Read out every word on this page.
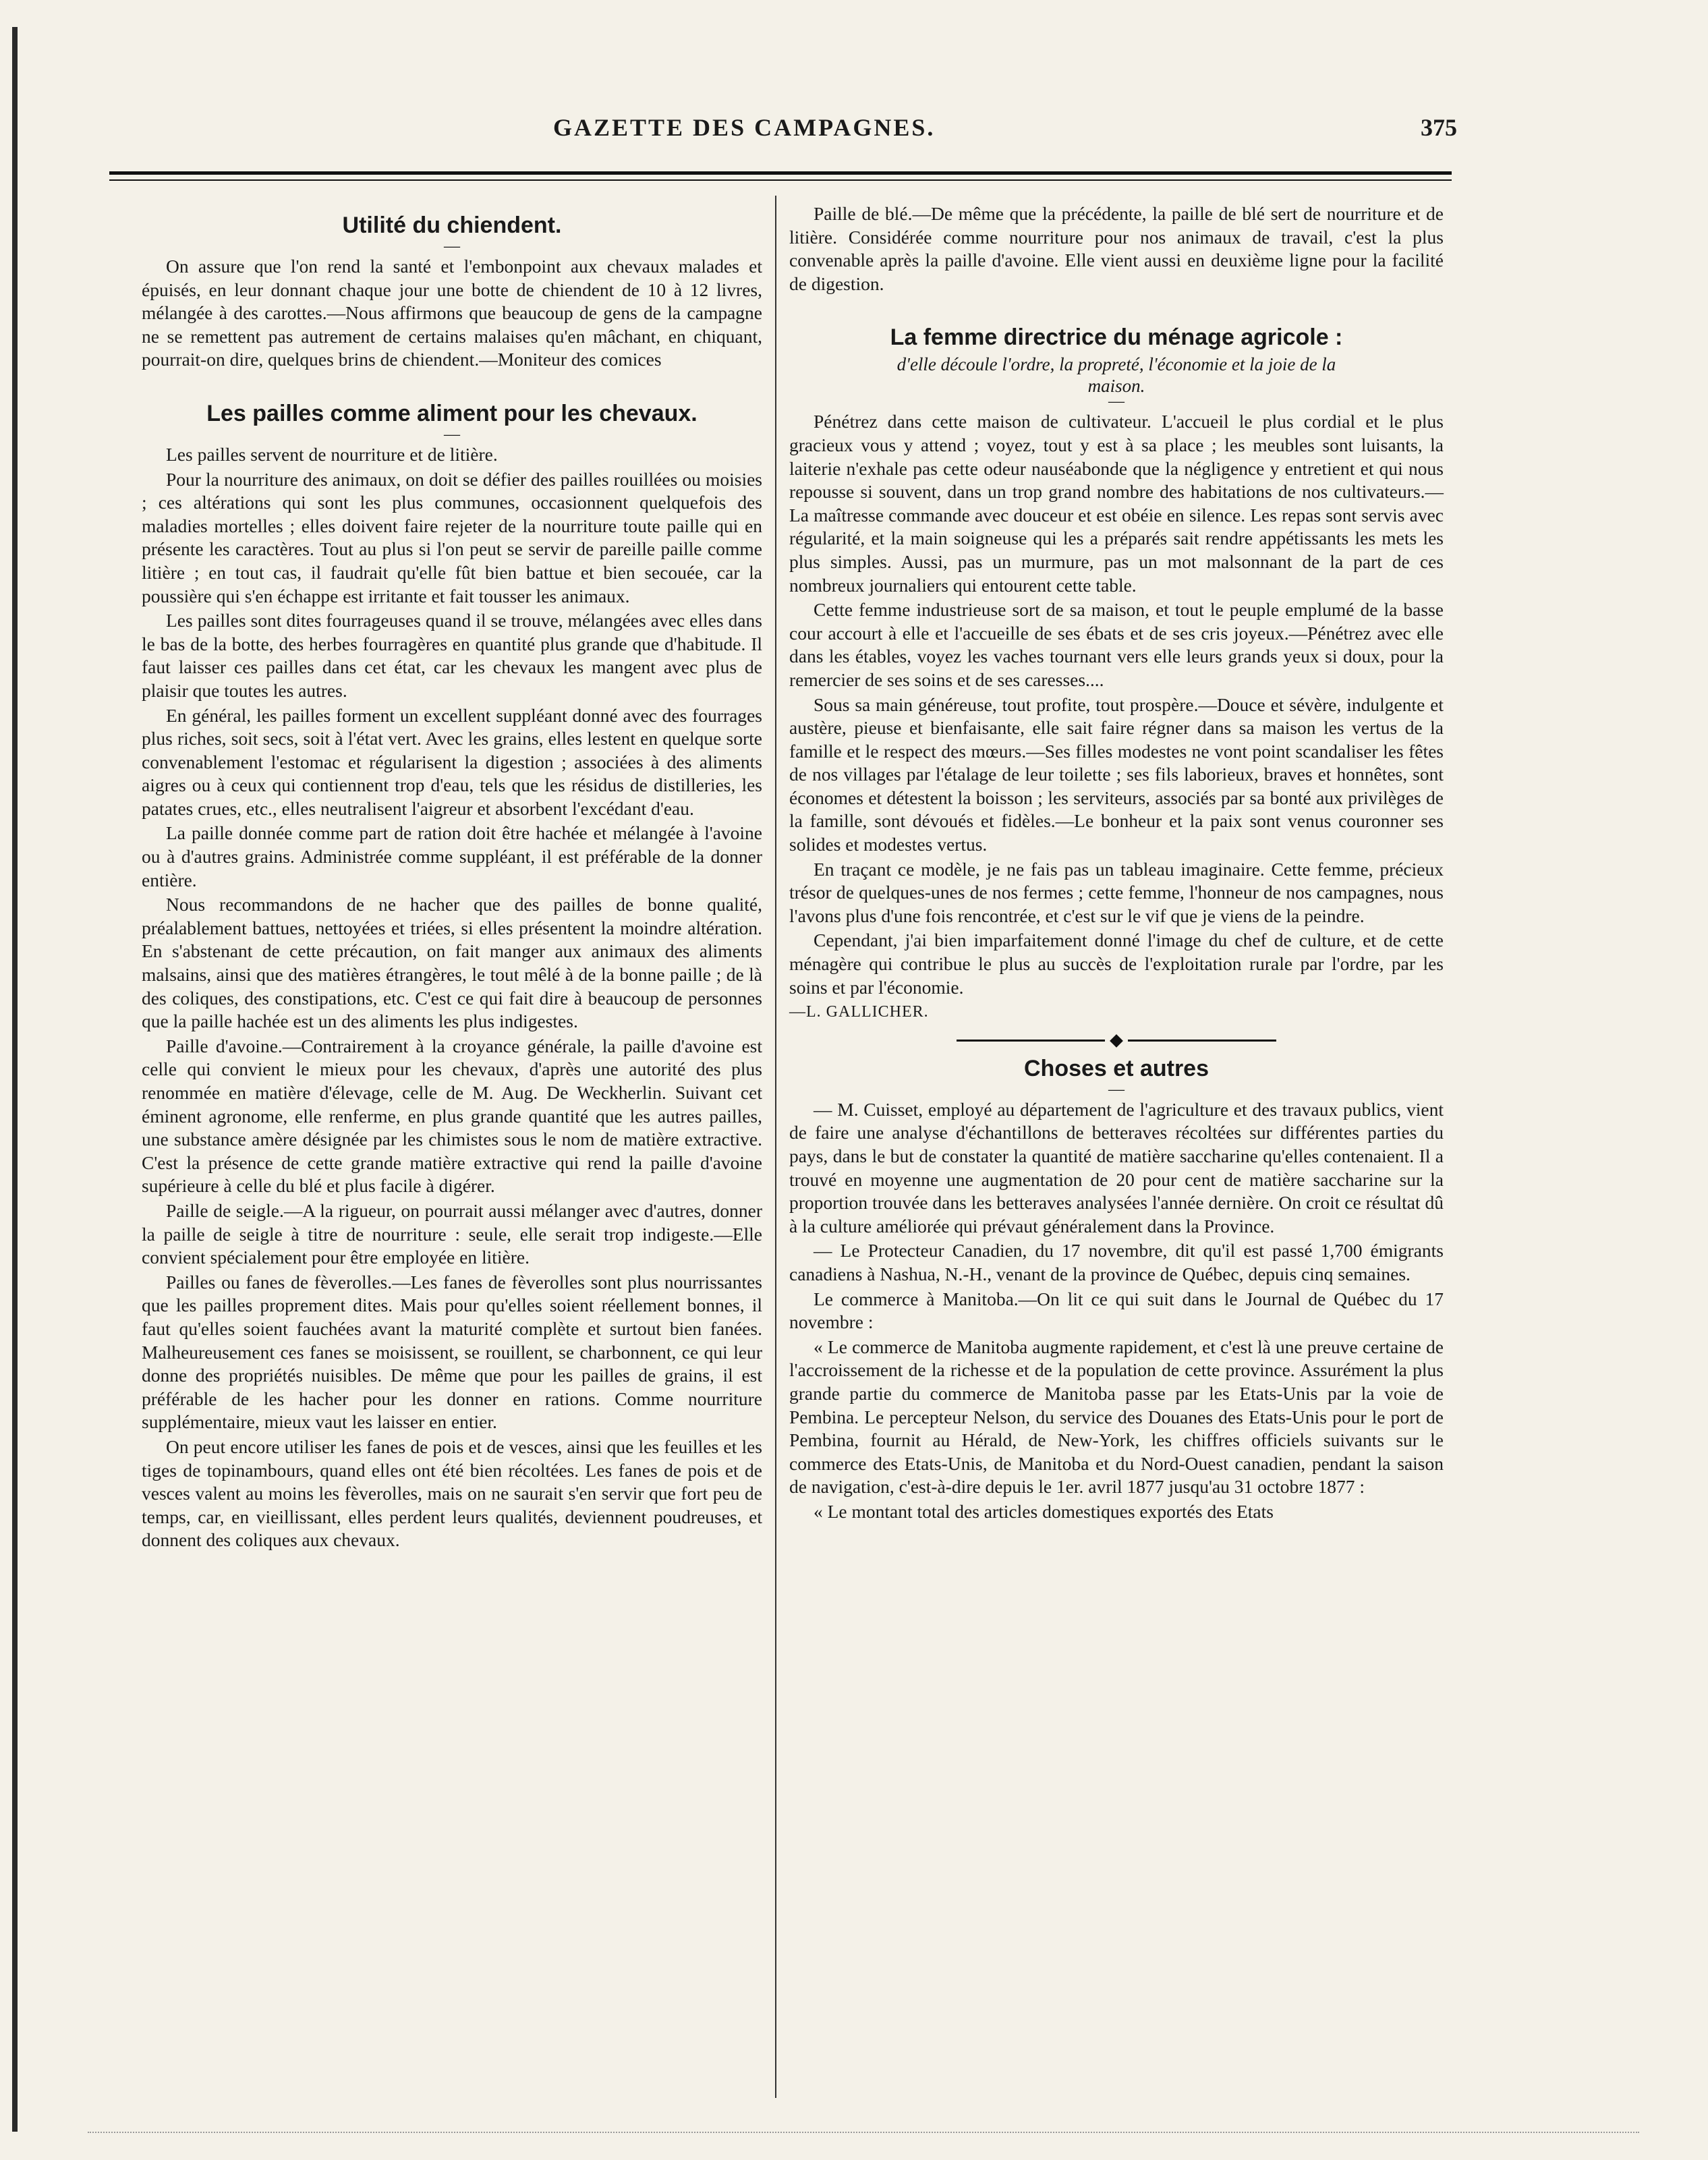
GAZETTE DES CAMPAGNES.	375
Utilité du chiendent.
—

On assure que l'on rend la santé et l'embonpoint aux chevaux malades et épuisés, en leur donnant chaque jour une botte de chiendent de 10 à 12 livres, mélangée à des carottes.—Nous affirmons que beaucoup de gens de la campagne ne se remettent pas autrement de certains malaises qu'en mâchant, en chiquant, pourrait-on dire, quelques brins de chiendent.—Moniteur des comices

Les pailles comme aliment pour les chevaux.
—

Les pailles servent de nourriture et de litière.

Pour la nourriture des animaux, on doit se défier des pailles rouillées ou moisies ; ces altérations qui sont les plus communes, occasionnent quelquefois des maladies mortelles ; elles doivent faire rejeter de la nourriture toute paille qui en présente les caractères. Tout au plus si l'on peut se servir de pareille paille comme litière ; en tout cas, il faudrait qu'elle fût bien battue et bien secouée, car la poussière qui s'en échappe est irritante et fait tousser les animaux.

Les pailles sont dites fourrageuses quand il se trouve, mélangées avec elles dans le bas de la botte, des herbes fourragères en quantité plus grande que d'habitude. Il faut laisser ces pailles dans cet état, car les chevaux les mangent avec plus de plaisir que toutes les autres.

En général, les pailles forment un excellent suppléant donné avec des fourrages plus riches, soit secs, soit à l'état vert. Avec les grains, elles lestent en quelque sorte convenablement l'estomac et régularisent la digestion ; associées à des aliments aigres ou à ceux qui contiennent trop d'eau, tels que les résidus de distilleries, les patates crues, etc., elles neutralisent l'aigreur et absorbent l'excédant d'eau.

La paille donnée comme part de ration doit être hachée et mélangée à l'avoine ou à d'autres grains. Administrée comme suppléant, il est préférable de la donner entière.

Nous recommandons de ne hacher que des pailles de bonne qualité, préalablement battues, nettoyées et triées, si elles présentent la moindre altération. En s'abstenant de cette précaution, on fait manger aux animaux des aliments malsains, ainsi que des matières étrangères, le tout mêlé à de la bonne paille ; de là des coliques, des constipations, etc. C'est ce qui fait dire à beaucoup de personnes que la paille hachée est un des aliments les plus indigestes.

Paille d'avoine.—Contrairement à la croyance générale, la paille d'avoine est celle qui convient le mieux pour les chevaux, d'après une autorité des plus renommée en matière d'élevage, celle de M. Aug. De Weckherlin. Suivant cet éminent agronome, elle renferme, en plus grande quantité que les autres pailles, une substance amère désignée par les chimistes sous le nom de matière extractive. C'est la présence de cette grande matière extractive qui rend la paille d'avoine supérieure à celle du blé et plus facile à digérer.

Paille de seigle.—A la rigueur, on pourrait aussi mélanger avec d'autres, donner la paille de seigle à titre de nourriture : seule, elle serait trop indigeste.—Elle convient spécialement pour être employée en litière.

Pailles ou fanes de fèverolles.—Les fanes de fèverolles sont plus nourrissantes que les pailles proprement dites. Mais pour qu'elles soient réellement bonnes, il faut qu'elles soient fauchées avant la maturité complète et surtout bien fanées. Malheureusement ces fanes se moisissent, se rouillent, se charbonnent, ce qui leur donne des propriétés nuisibles. De même que pour les pailles de grains, il est préférable de les hacher pour les donner en rations. Comme nourriture supplémentaire, mieux vaut les laisser en entier.

On peut encore utiliser les fanes de pois et de vesces, ainsi que les feuilles et les tiges de topinambours, quand elles ont été bien récoltées. Les fanes de pois et de vesces valent au moins les fèverolles, mais on ne saurait s'en servir que fort peu de temps, car, en vieillissant, elles perdent leurs qualités, deviennent poudreuses, et donnent des coliques aux chevaux.

Paille de blé.—De même que la précédente, la paille de blé sert de nourriture et de litière. Considérée comme nourriture pour nos animaux de travail, c'est la plus convenable après la paille d'avoine. Elle vient aussi en deuxième ligne pour la facilité de digestion.

La femme directrice du ménage agricole :
d'elle découle l'ordre, la propreté, l'économie et la joie de la
maison.
—

Pénétrez dans cette maison de cultivateur. L'accueil le plus cordial et le plus gracieux vous y attend ; voyez, tout y est à sa place ; les meubles sont luisants, la laiterie n'exhale pas cette odeur nauséabonde que la négligence y entretient et qui nous repousse si souvent, dans un trop grand nombre des habitations de nos cultivateurs.—La maîtresse commande avec douceur et est obéie en silence. Les repas sont servis avec régularité, et la main soigneuse qui les a préparés sait rendre appétissants les mets les plus simples. Aussi, pas un murmure, pas un mot malsonnant de la part de ces nombreux journaliers qui entourent cette table.

Cette femme industrieuse sort de sa maison, et tout le peuple emplumé de la basse cour accourt à elle et l'accueille de ses ébats et de ses cris joyeux.—Pénétrez avec elle dans les étables, voyez les vaches tournant vers elle leurs grands yeux si doux, pour la remercier de ses soins et de ses caresses....

Sous sa main généreuse, tout profite, tout prospère.—Douce et sévère, indulgente et austère, pieuse et bienfaisante, elle sait faire régner dans sa maison les vertus de la famille et le respect des mœurs.—Ses filles modestes ne vont point scandaliser les fêtes de nos villages par l'étalage de leur toilette ; ses fils laborieux, braves et honnêtes, sont économes et détestent la boisson ; les serviteurs, associés par sa bonté aux privilèges de la famille, sont dévoués et fidèles.—Le bonheur et la paix sont venus couronner ses solides et modestes vertus.

En traçant ce modèle, je ne fais pas un tableau imaginaire. Cette femme, précieux trésor de quelques-unes de nos fermes ; cette femme, l'honneur de nos campagnes, nous l'avons plus d'une fois rencontrée, et c'est sur le vif que je viens de la peindre.

Cependant, j'ai bien imparfaitement donné l'image du chef de culture, et de cette ménagère qui contribue le plus au succès de l'exploitation rurale par l'ordre, par les soins et par l'économie.

—L. GALLICHER.

Choses et autres
—

— M. Cuisset, employé au département de l'agriculture et des travaux publics, vient de faire une analyse d'échantillons de betteraves récoltées sur différentes parties du pays, dans le but de constater la quantité de matière saccharine qu'elles contenaient. Il a trouvé en moyenne une augmentation de 20 pour cent de matière saccharine sur la proportion trouvée dans les betteraves analysées l'année dernière. On croit ce résultat dû à la culture améliorée qui prévaut généralement dans la Province.

— Le Protecteur Canadien, du 17 novembre, dit qu'il est passé 1,700 émigrants canadiens à Nashua, N.-H., venant de la province de Québec, depuis cinq semaines.

Le commerce à Manitoba.—On lit ce qui suit dans le Journal de Québec du 17 novembre :

« Le commerce de Manitoba augmente rapidement, et c'est là une preuve certaine de l'accroissement de la richesse et de la population de cette province. Assurément la plus grande partie du commerce de Manitoba passe par les Etats-Unis par la voie de Pembina. Le percepteur Nelson, du service des Douanes des Etats-Unis pour le port de Pembina, fournit au Hérald, de New-York, les chiffres officiels suivants sur le commerce des Etats-Unis, de Manitoba et du Nord-Ouest canadien, pendant la saison de navigation, c'est-à-dire depuis le 1er. avril 1877 jusqu'au 31 octobre 1877 :

« Le montant total des articles domestiques exportés des Etats
